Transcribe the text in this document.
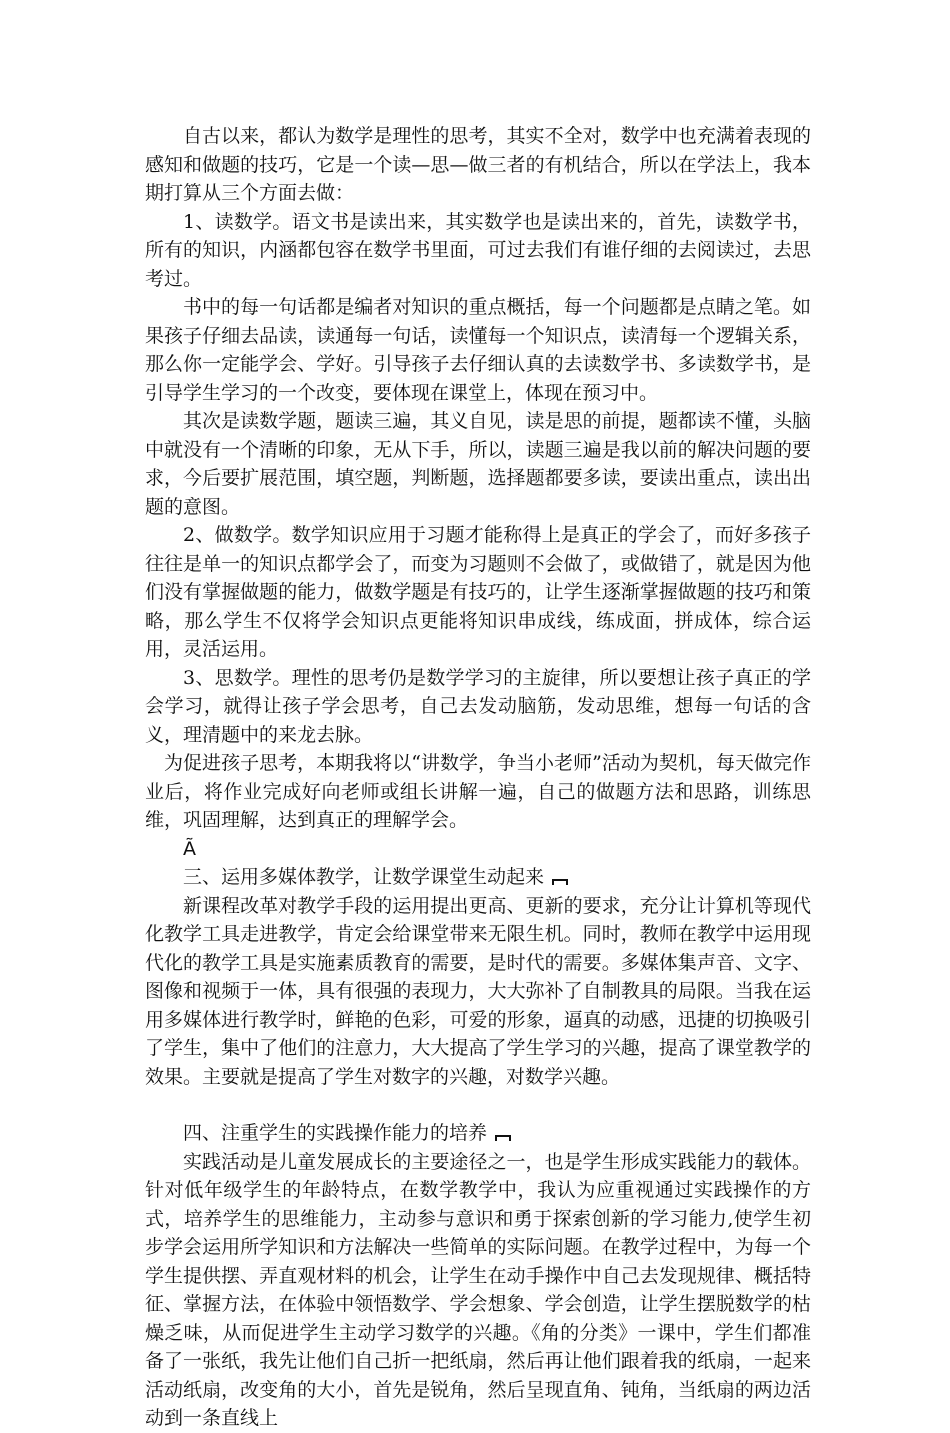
自古以来，都认为数学是理性的思考，其实不全对，数学中也充满着表现的感知和做题的技巧，它是一个读—思—做三者的有机结合，所以在学法上，我本期打算从三个方面去做：

1、读数学。语文书是读出来，其实数学也是读出来的，首先，读数学书，所有的知识，内涵都包容在数学书里面，可过去我们有谁仔细的去阅读过，去思考过。

书中的每一句话都是编者对知识的重点概括，每一个问题都是点睛之笔。如果孩子仔细去品读，读通每一句话，读懂每一个知识点，读清每一个逻辑关系，那么你一定能学会、学好。引导孩子去仔细认真的去读数学书、多读数学书，是引导学生学习的一个改变，要体现在课堂上，体现在预习中。

其次是读数学题，题读三遍，其义自见，读是思的前提，题都读不懂，头脑中就没有一个清晰的印象，无从下手，所以，读题三遍是我以前的解决问题的要求，今后要扩展范围，填空题，判断题，选择题都要多读，要读出重点，读出出题的意图。

2、做数学。数学知识应用于习题才能称得上是真正的学会了，而好多孩子往往是单一的知识点都学会了，而变为习题则不会做了，或做错了，就是因为他们没有掌握做题的能力，做数学题是有技巧的，让学生逐渐掌握做题的技巧和策略，那么学生不仅将学会知识点更能将知识串成线，练成面，拼成体，综合运用，灵活运用。

3、思数学。理性的思考仍是数学学习的主旋律，所以要想让孩子真正的学会学习，就得让孩子学会思考，自己去发动脑筋，发动思维，想每一句话的含义，理清题中的来龙去脉。

为促进孩子思考，本期我将以“讲数学，争当小老师”活动为契机，每天做完作业后，将作业完成好向老师或组长讲解一遍，自己的做题方法和思路，训练思维，巩固理解，达到真正的理解学会。

Ã

三、运用多媒体教学，让数学课堂生动起来

新课程改革对教学手段的运用提出更高、更新的要求，充分让计算机等现代化教学工具走进教学，肯定会给课堂带来无限生机。同时，教师在教学中运用现代化的教学工具是实施素质教育的需要，是时代的需要。多媒体集声音、文字、图像和视频于一体，具有很强的表现力，大大弥补了自制教具的局限。当我在运用多媒体进行教学时，鲜艳的色彩，可爱的形象，逼真的动感，迅捷的切换吸引了学生，集中了他们的注意力，大大提高了学生学习的兴趣，提高了课堂教学的效果。主要就是提高了学生对数字的兴趣，对数学兴趣。

四、注重学生的实践操作能力的培养

实践活动是儿童发展成长的主要途径之一，也是学生形成实践能力的载体。针对低年级学生的年龄特点，在数学教学中，我认为应重视通过实践操作的方式，培养学生的思维能力，主动参与意识和勇于探索创新的学习能力,使学生初步学会运用所学知识和方法解决一些简单的实际问题。在教学过程中，为每一个学生提供摆、弄直观材料的机会，让学生在动手操作中自己去发现规律、概括特征、掌握方法，在体验中领悟数学、学会想象、学会创造，让学生摆脱数学的枯燥乏味，从而促进学生主动学习数学的兴趣。《角的分类》一课中，学生们都准备了一张纸，我先让他们自己折一把纸扇，然后再让他们跟着我的纸扇，一起来活动纸扇，改变角的大小，首先是锐角，然后呈现直角、钝角，当纸扇的两边活动到一条直线上
